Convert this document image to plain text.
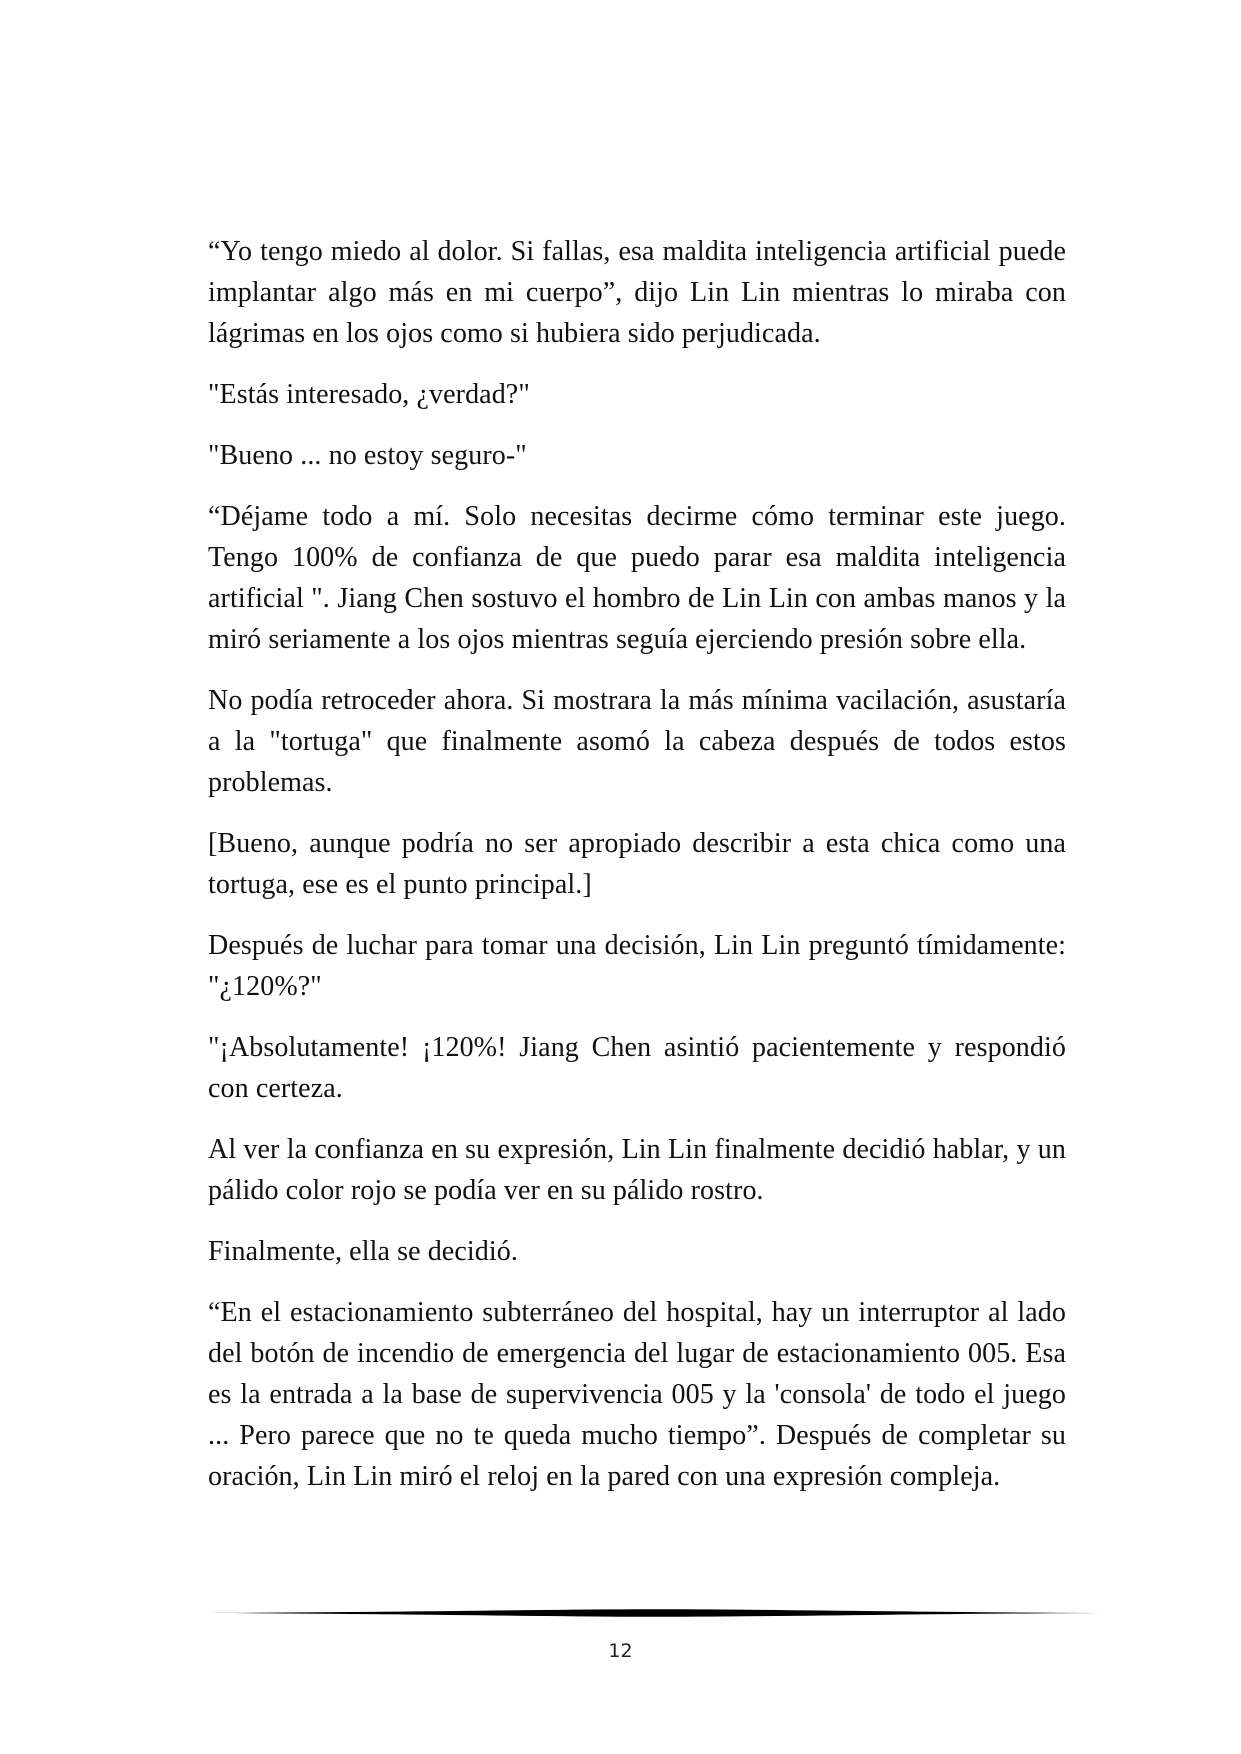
“Yo tengo miedo al dolor. Si fallas, esa maldita inteligencia artificial puede implantar algo más en mi cuerpo”, dijo Lin Lin mientras lo miraba con lágrimas en los ojos como si hubiera sido perjudicada.

"Estás interesado, ¿verdad?"

"Bueno ... no estoy seguro-"

“Déjame todo a mí. Solo necesitas decirme cómo terminar este juego. Tengo 100% de confianza de que puedo parar esa maldita inteligencia artificial ". Jiang Chen sostuvo el hombro de Lin Lin con ambas manos y la miró seriamente a los ojos mientras seguía ejerciendo presión sobre ella.

No podía retroceder ahora. Si mostrara la más mínima vacilación, asustaría a la "tortuga" que finalmente asomó la cabeza después de todos estos problemas.

[Bueno, aunque podría no ser apropiado describir a esta chica como una tortuga, ese es el punto principal.]

Después de luchar para tomar una decisión, Lin Lin preguntó tímidamente: "¿120%?"

"¡Absolutamente! ¡120%! Jiang Chen asintió pacientemente y respondió con certeza.

Al ver la confianza en su expresión, Lin Lin finalmente decidió hablar, y un pálido color rojo se podía ver en su pálido rostro.

Finalmente, ella se decidió.

“En el estacionamiento subterráneo del hospital, hay un interruptor al lado del botón de incendio de emergencia del lugar de estacionamiento 005. Esa es la entrada a la base de supervivencia 005 y la 'consola' de todo el juego ... Pero parece que no te queda mucho tiempo”. Después de completar su oración, Lin Lin miró el reloj en la pared con una expresión compleja.

12
